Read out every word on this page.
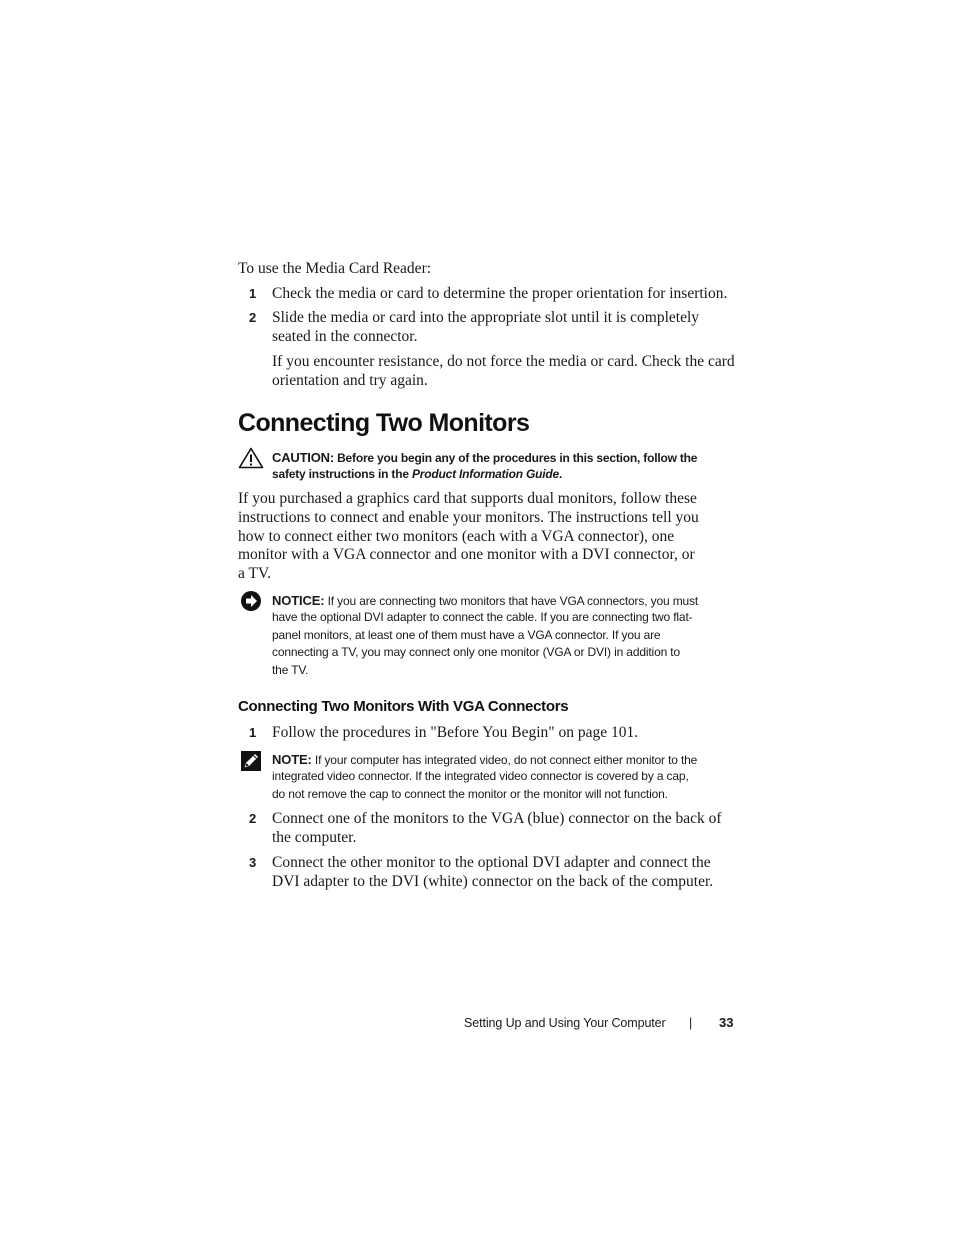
To use the Media Card Reader:
1	Check the media or card to determine the proper orientation for insertion.
2	Slide the media or card into the appropriate slot until it is completely
seated in the connector.
If you encounter resistance, do not force the media or card. Check the card
orientation and try again.
Connecting Two Monitors
CAUTION: Before you begin any of the procedures in this section, follow the
safety instructions in the Product Information Guide.
If you purchased a graphics card that supports dual monitors, follow these
instructions to connect and enable your monitors. The instructions tell you
how to connect either two monitors (each with a VGA connector), one
monitor with a VGA connector and one monitor with a DVI connector, or
a TV.
NOTICE: If you are connecting two monitors that have VGA connectors, you must
have the optional DVI adapter to connect the cable. If you are connecting two flat-
panel monitors, at least one of them must have a VGA connector. If you are
connecting a TV, you may connect only one monitor (VGA or DVI) in addition to
the TV.
Connecting Two Monitors With VGA Connectors
1	Follow the procedures in "Before You Begin" on page 101.
NOTE: If your computer has integrated video, do not connect either monitor to the
integrated video connector. If the integrated video connector is covered by a cap,
do not remove the cap to connect the monitor or the monitor will not function.
2	Connect one of the monitors to the VGA (blue) connector on the back of
the computer.
3	Connect the other monitor to the optional DVI adapter and connect the
DVI adapter to the DVI (white) connector on the back of the computer.
Setting Up and Using Your Computer | 33
